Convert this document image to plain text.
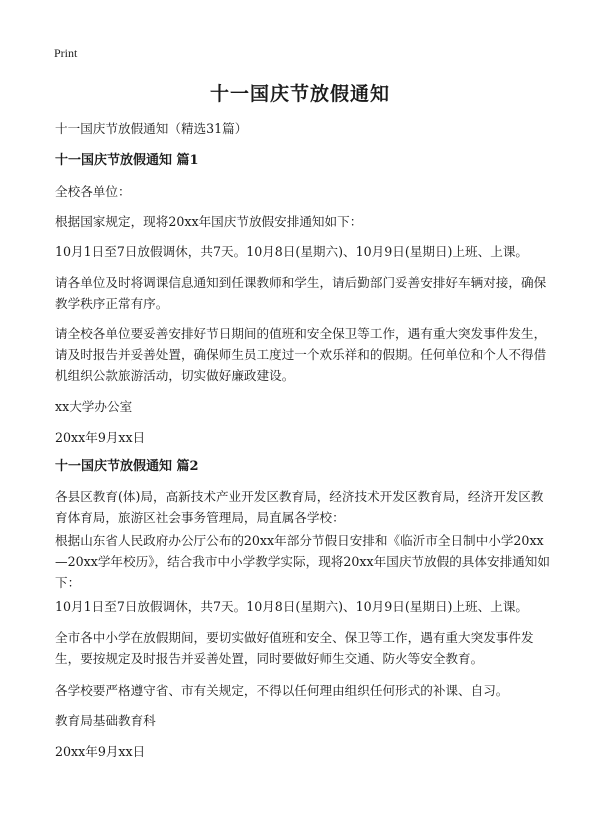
Print
十一国庆节放假通知

十一国庆节放假通知（精选31篇）

十一国庆节放假通知 篇1

全校各单位：

根据国家规定，现将20xx年国庆节放假安排通知如下：

10月1日至7日放假调休，共7天。10月8日(星期六)、10月9日(星期日)上班、上课。

请各单位及时将调课信息通知到任课教师和学生，请后勤部门妥善安排好车辆对接，确保教学秩序正常有序。

请全校各单位要妥善安排好节日期间的值班和安全保卫等工作，遇有重大突发事件发生，请及时报告并妥善处置，确保师生员工度过一个欢乐祥和的假期。任何单位和个人不得借机组织公款旅游活动，切实做好廉政建设。

xx大学办公室

20xx年9月xx日

十一国庆节放假通知 篇2

各县区教育(体)局，高新技术产业开发区教育局，经济技术开发区教育局，经济开发区教育体育局，旅游区社会事务管理局，局直属各学校：

根据山东省人民政府办公厅公布的20xx年部分节假日安排和《临沂市全日制中小学20xx—20xx学年校历》，结合我市中小学教学实际，现将20xx年国庆节放假的具体安排通知如下：

10月1日至7日放假调休，共7天。10月8日(星期六)、10月9日(星期日)上班、上课。

全市各中小学在放假期间，要切实做好值班和安全、保卫等工作，遇有重大突发事件发生，要按规定及时报告并妥善处置，同时要做好师生交通、防火等安全教育。

各学校要严格遵守省、市有关规定，不得以任何理由组织任何形式的补课、自习。

教育局基础教育科

20xx年9月xx日
